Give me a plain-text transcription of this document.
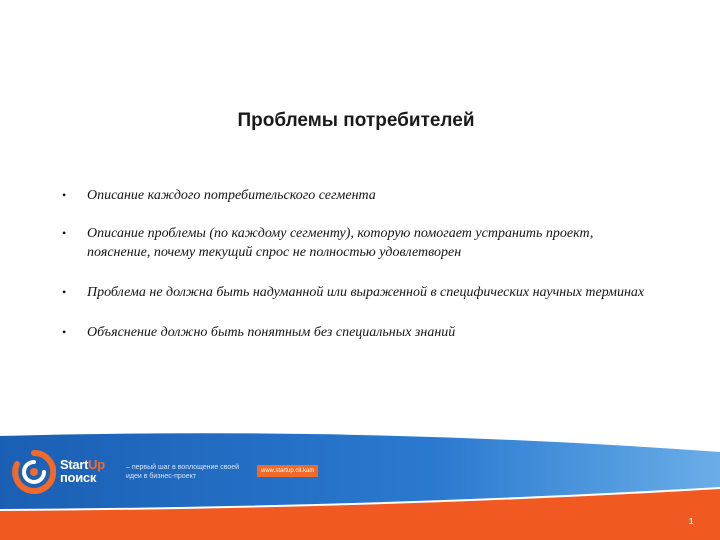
Проблемы потребителей
• Описание каждого потребительского сегмента
• Описание проблемы (по каждому сегменту), которую помогает устранить проект, пояснение, почему текущий спрос не полностью удовлетворен
• Проблема не должна быть надуманной или выраженной в специфических научных терминах
• Объяснение должно быть понятным без специальных знаний
StartUp
поиск
– первый шаг в воплощение своей идеи в бизнес-проект
www.startup.cit.kam
1
